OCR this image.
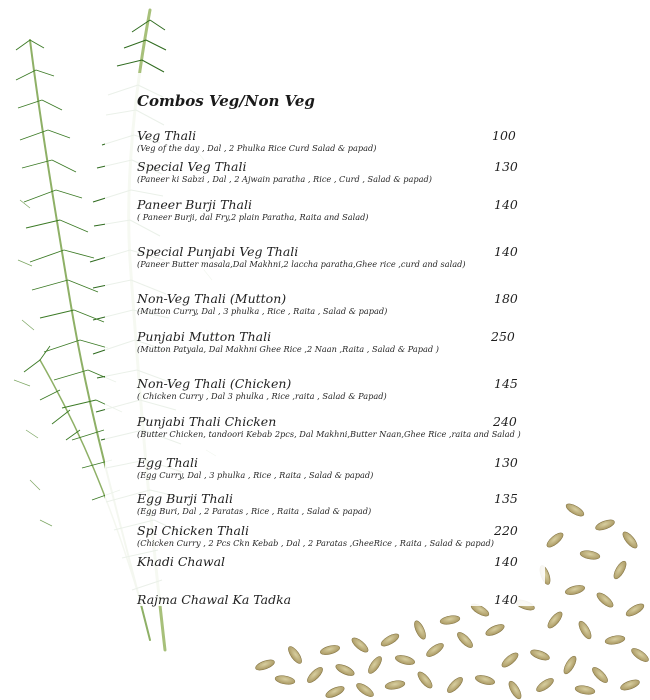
Combos Veg/Non Veg
Veg Thali	100
(Veg of the day , Dal , 2 Phulka Rice Curd Salad & papad)
Special Veg Thali	130
(Paneer ki Sabzi , Dal , 2 Ajwain paratha , Rice , Curd , Salad & papad)
Paneer Burji Thali	140
( Paneer Burji, dal Fry,2 plain Paratha, Raita and Salad)
Special Punjabi Veg Thali	140
(Paneer Butter masala,Dal Makhni,2 laccha paratha,Ghee rice ,curd and salad)
Non-Veg Thali (Mutton)	180
(Mutton Curry, Dal , 3 phulka , Rice , Raita , Salad & papad)
Punjabi Mutton Thali	250
(Mutton Patyala, Dal Makhni Ghee Rice ,2 Naan ,Raita , Salad & Papad )
Non-Veg Thali (Chicken)	145
( Chicken Curry , Dal 3 phulka , Rice ,raita , Salad & Papad)
Punjabi Thali Chicken	240
(Butter Chicken, tandoori Kebab 2pcs, Dal Makhni,Butter Naan,Ghee Rice ,raita and Salad )
Egg Thali	130
(Egg Curry, Dal , 3 phulka , Rice , Raita , Salad & papad)
Egg Burji Thali	135
(Egg Buri, Dal , 2 Paratas , Rice , Raita , Salad & papad)
Spl Chicken Thali	220
(Chicken Curry , 2 Pcs Ckn Kebab , Dal , 2 Paratas ,GheeRice , Raita , Salad & papad)
Khadi Chawal	140
Rajma Chawal Ka Tadka	140
